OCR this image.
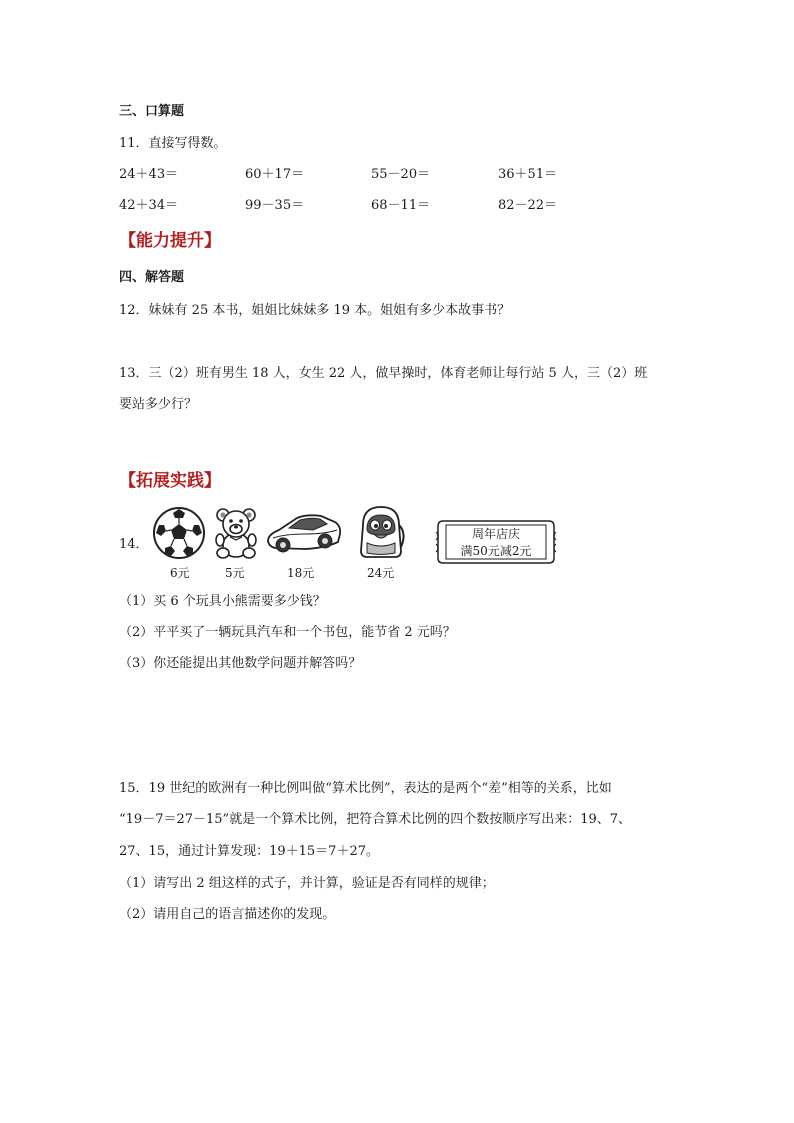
三、口算题
11．直接写得数。
24＋43＝	60＋17＝	55－20＝	36＋51＝
42＋34＝	99－35＝	68－11＝	82－22＝
【能力提升】
四、解答题
12．妹妹有 25 本书，姐姐比妹妹多 19 本。姐姐有多少本故事书？
13．三（2）班有男生 18 人，女生 22 人，做早操时，体育老师让每行站 5 人，三（2）班
要站多少行？
【拓展实践】
14．
6元	5元	18元	24元
周年店庆
满50元减2元
（1）买 6 个玩具小熊需要多少钱？
（2）平平买了一辆玩具汽车和一个书包，能节省 2 元吗？
（3）你还能提出其他数学问题并解答吗？
15．19 世纪的欧洲有一种比例叫做“算术比例”，表达的是两个“差”相等的关系，比如
“19－7＝27－15”就是一个算术比例，把符合算术比例的四个数按顺序写出来：19、7、
27、15，通过计算发现：19＋15＝7＋27。
（1）请写出 2 组这样的式子，并计算，验证是否有同样的规律；
（2）请用自己的语言描述你的发现。
